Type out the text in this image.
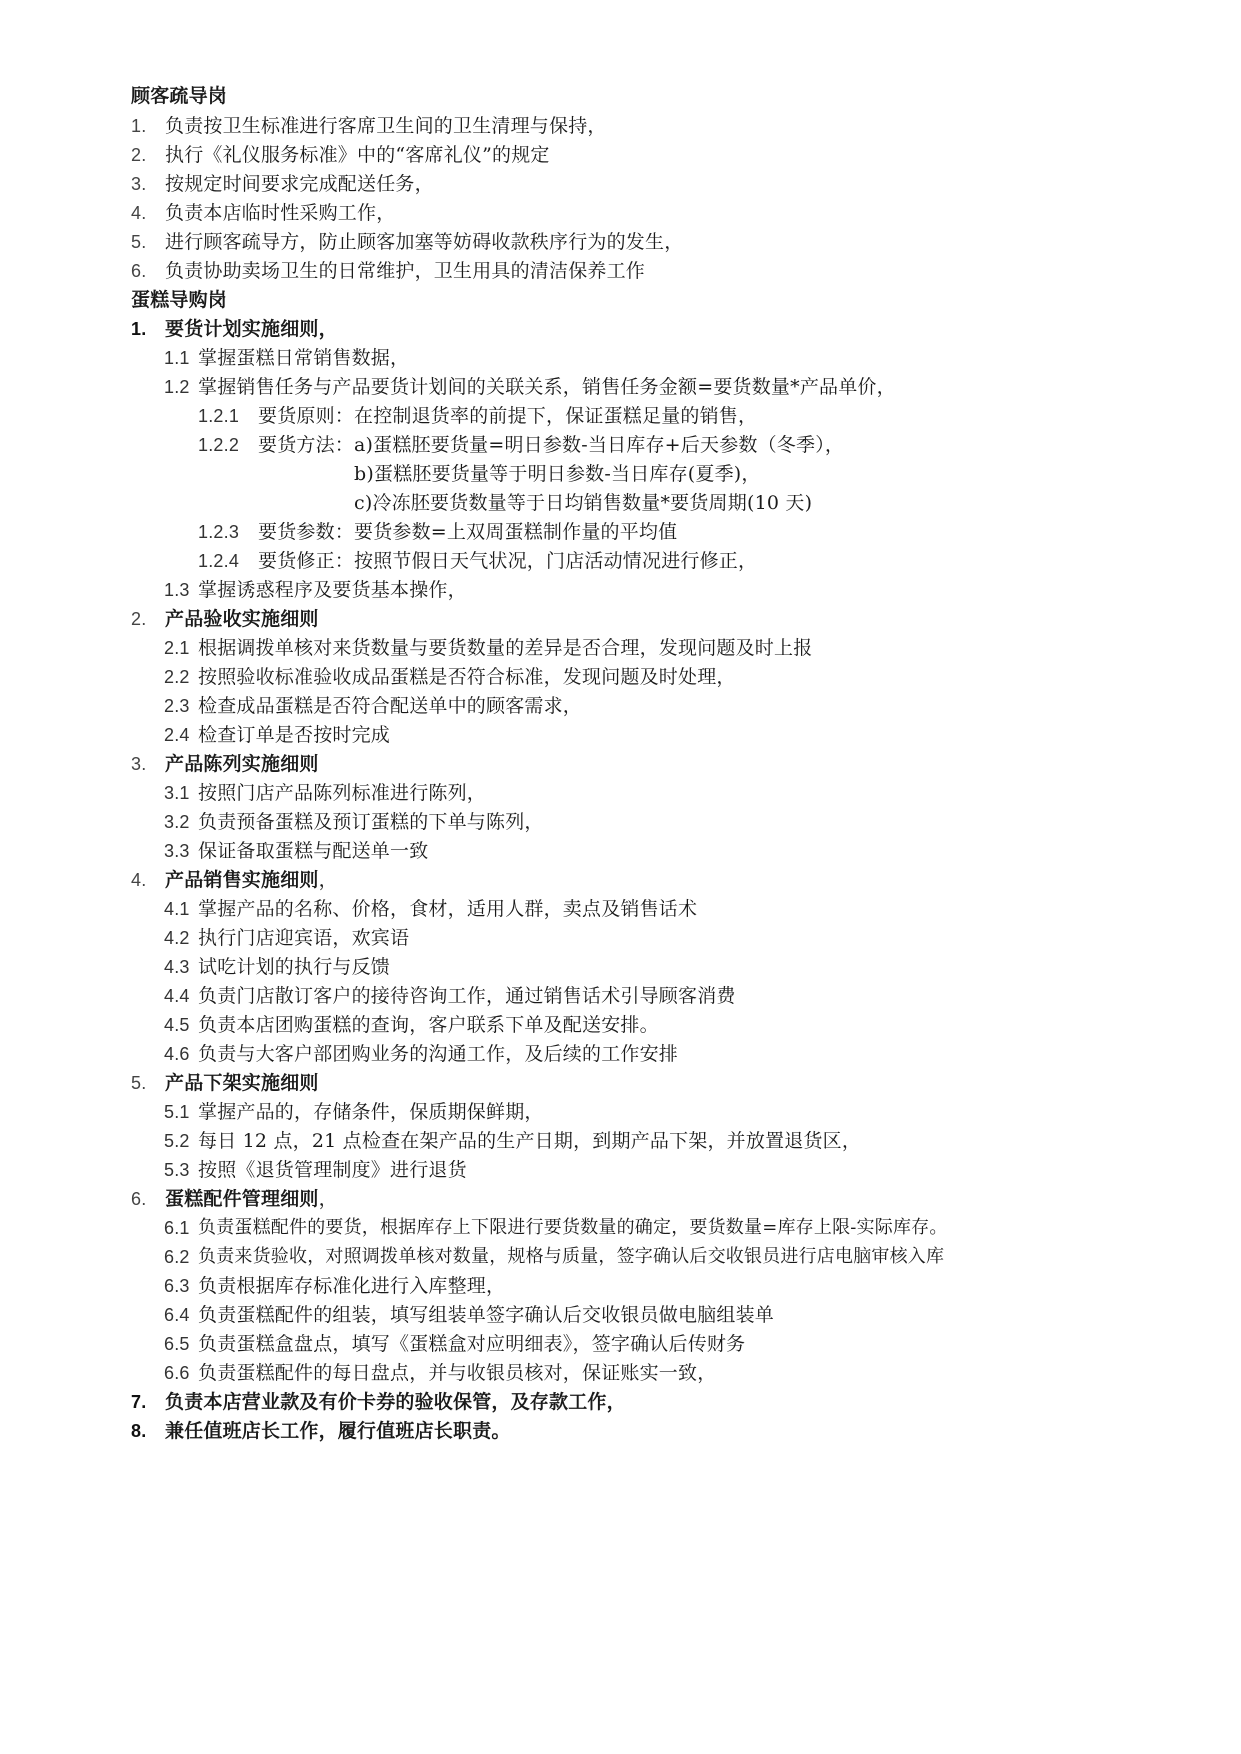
顾客疏导岗
1. 负责按卫生标准进行客席卫生间的卫生清理与保持，
2. 执行《礼仪服务标准》中的“客席礼仪”的规定
3. 按规定时间要求完成配送任务，
4. 负责本店临时性采购工作，
5. 进行顾客疏导方，防止顾客加塞等妨碍收款秩序行为的发生，
6. 负责协助卖场卫生的日常维护，卫生用具的清洁保养工作
蛋糕导购岗
1. 要货计划实施细则，
1.1 掌握蛋糕日常销售数据，
1.2 掌握销售任务与产品要货计划间的关联关系，销售任务金额=要货数量*产品单价，
1.2.1 要货原则：在控制退货率的前提下，保证蛋糕足量的销售，
1.2.2 要货方法：a)蛋糕胚要货量=明日参数-当日库存+后天参数（冬季），
b)蛋糕胚要货量等于明日参数-当日库存(夏季)，
c)冷冻胚要货数量等于日均销售数量*要货周期(10 天)
1.2.3 要货参数：要货参数=上双周蛋糕制作量的平均值
1.2.4 要货修正：按照节假日天气状况，门店活动情况进行修正，
1.3 掌握诱惑程序及要货基本操作，
2. 产品验收实施细则
2.1 根据调拨单核对来货数量与要货数量的差异是否合理，发现问题及时上报
2.2 按照验收标准验收成品蛋糕是否符合标准，发现问题及时处理，
2.3 检查成品蛋糕是否符合配送单中的顾客需求，
2.4 检查订单是否按时完成
3. 产品陈列实施细则
3.1 按照门店产品陈列标准进行陈列，
3.2 负责预备蛋糕及预订蛋糕的下单与陈列，
3.3 保证备取蛋糕与配送单一致
4. 产品销售实施细则，
4.1 掌握产品的名称、价格，食材，适用人群，卖点及销售话术
4.2 执行门店迎宾语，欢宾语
4.3 试吃计划的执行与反馈
4.4 负责门店散订客户的接待咨询工作，通过销售话术引导顾客消费
4.5 负责本店团购蛋糕的查询，客户联系下单及配送安排。
4.6 负责与大客户部团购业务的沟通工作，及后续的工作安排
5. 产品下架实施细则
5.1 掌握产品的，存储条件，保质期保鲜期，
5.2 每日 12 点，21 点检查在架产品的生产日期，到期产品下架，并放置退货区，
5.3 按照《退货管理制度》进行退货
6. 蛋糕配件管理细则，
6.1 负责蛋糕配件的要货，根据库存上下限进行要货数量的确定，要货数量=库存上限-实际库存。
6.2 负责来货验收，对照调拨单核对数量，规格与质量，签字确认后交收银员进行店电脑审核入库
6.3 负责根据库存标准化进行入库整理，
6.4 负责蛋糕配件的组装，填写组装单签字确认后交收银员做电脑组装单
6.5 负责蛋糕盒盘点，填写《蛋糕盒对应明细表》，签字确认后传财务
6.6 负责蛋糕配件的每日盘点，并与收银员核对，保证账实一致，
7. 负责本店营业款及有价卡券的验收保管，及存款工作，
8. 兼任值班店长工作，履行值班店长职责。
